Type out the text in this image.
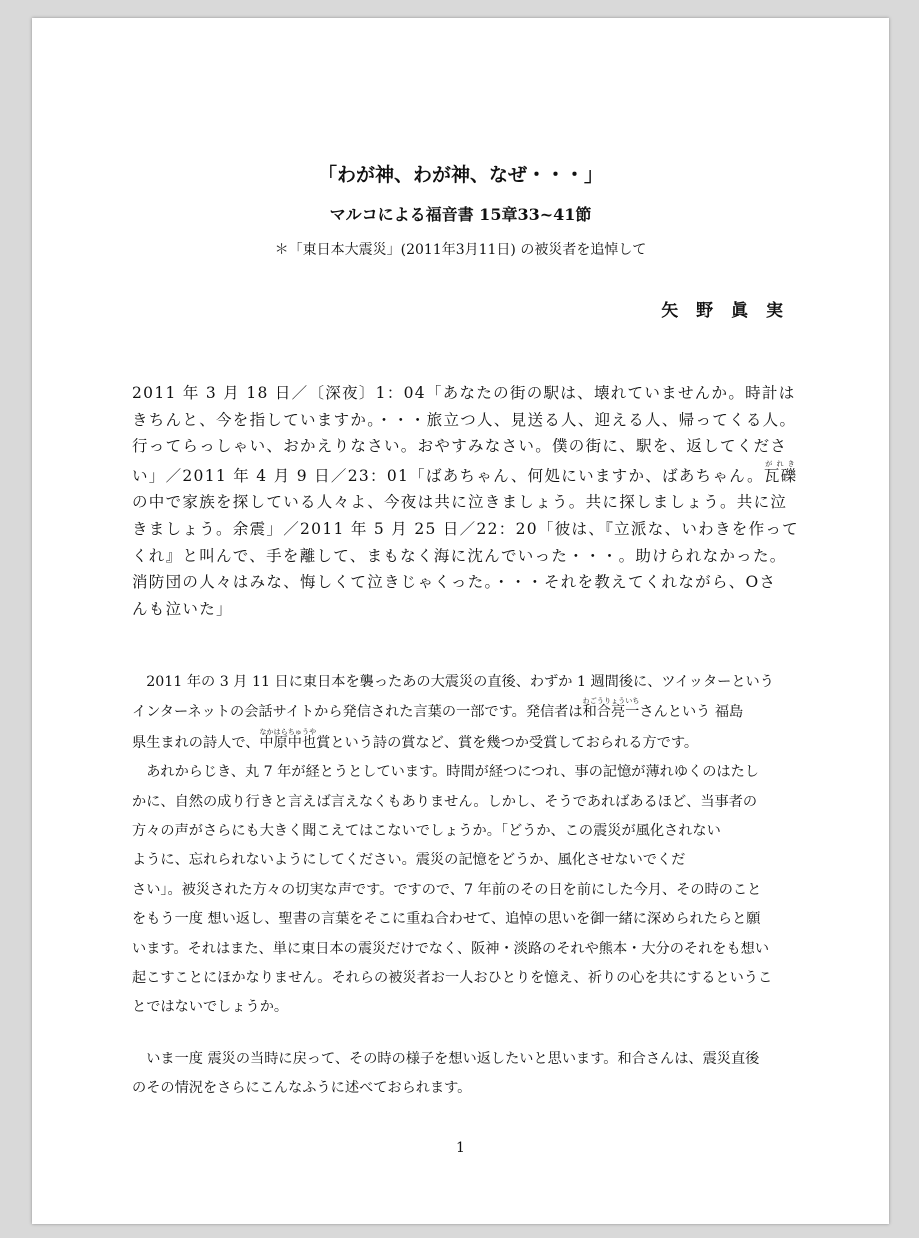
「わが神、わが神、なぜ・・・」
マルコによる福音書 15章33~41節
＊「東日本大震災」(2011年3月11日) の被災者を追悼して
矢 野 眞 実
2011 年 3 月 18 日／〔深夜〕1：04「あなたの街の駅は、壊れていませんか。時計は
きちんと、今を指していますか。・・・旅立つ人、見送る人、迎える人、帰ってくる人。
行ってらっしゃい、おかえりなさい。おやすみなさい。僕の街に、駅を、返してくださ
い」／2011 年 4 月 9 日／23：01「ばあちゃん、何処にいますか、ばあちゃん。瓦礫がれき
の中で家族を探している人々よ、今夜は共に泣きましょう。共に探しましょう。共に泣
きましょう。余震」／2011 年 5 月 25 日／22：20「彼は、『立派な、いわきを作って
くれ』と叫んで、手を離して、まもなく海に沈んでいった・・・。助けられなかった。
消防団の人々はみな、悔しくて泣きじゃくった。・・・それを教えてくれながら、Oさ
んも泣いた」
　2011 年の 3 月 11 日に東日本を襲ったあの大震災の直後、わずか 1 週間後に、ツイッターという
インターネットの会話サイトから発信された言葉の一部です。発信者は和合亮一わごうりょういちさんという 福島
県生まれの詩人で、中原中也なかはらちゅうや賞という詩の賞など、賞を幾つか受賞しておられる方です。
　あれからじき、丸 7 年が経とうとしています。時間が経つにつれ、事の記憶が薄れゆくのはたし
かに、自然の成り行きと言えば言えなくもありません。しかし、そうであればあるほど、当事者の
方々の声がさらにも大きく聞こえてはこないでしょうか。「どうか、この震災が風化されない
ように、忘れられないようにしてください。震災の記憶をどうか、風化させないでくだ
さい」。被災された方々の切実な声です。ですので、7 年前のその日を前にした今月、その時のこと
をもう一度 想い返し、聖書の言葉をそこに重ね合わせて、追悼の思いを御一緒に深められたらと願
います。それはまた、単に東日本の震災だけでなく、阪神・淡路のそれや熊本・大分のそれをも想い
起こすことにほかなりません。それらの被災者お一人おひとりを憶え、祈りの心を共にするというこ
とではないでしょうか。
　いま一度 震災の当時に戻って、その時の様子を想い返したいと思います。和合さんは、震災直後
のその情況をさらにこんなふうに述べておられます。
1
